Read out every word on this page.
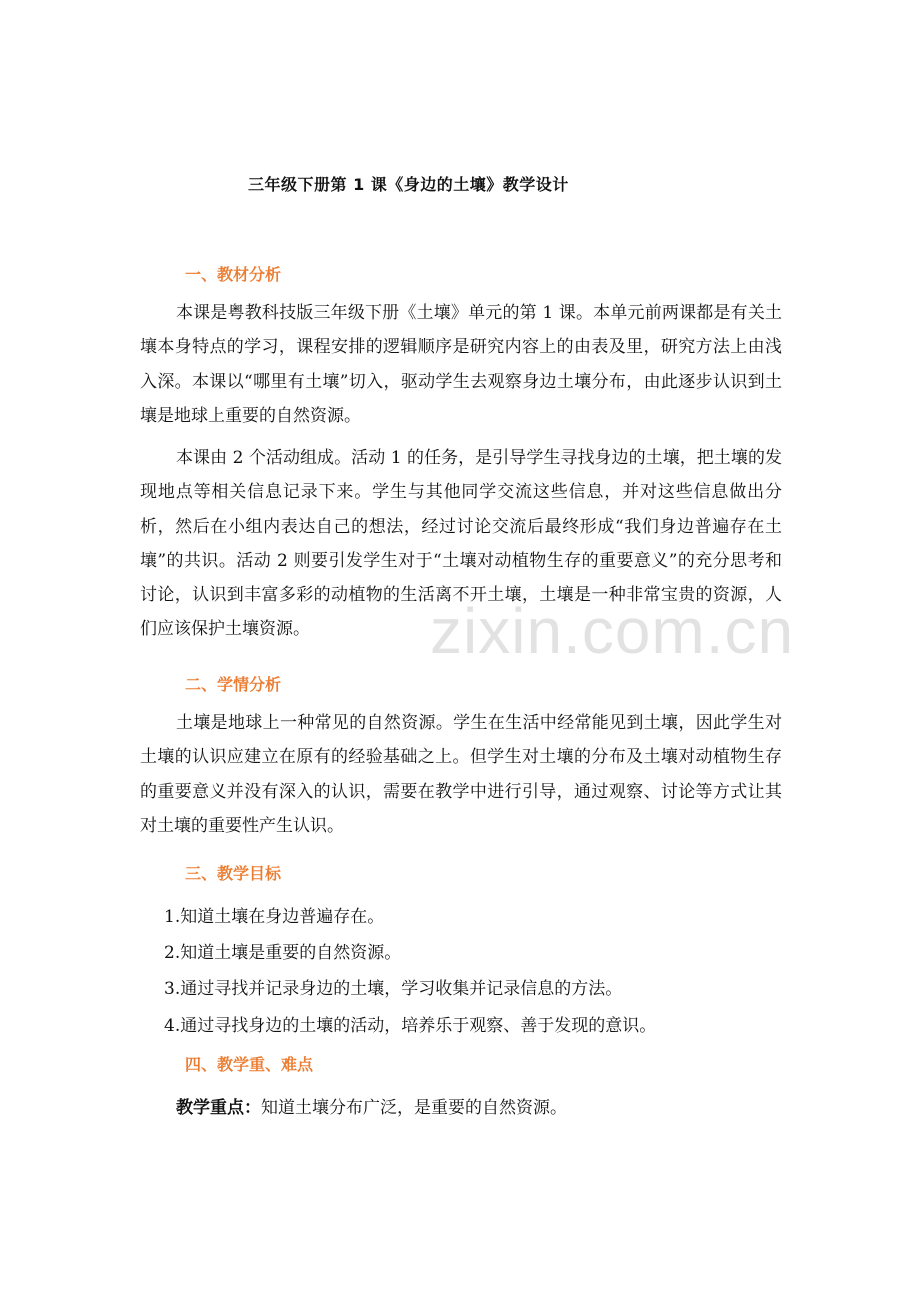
三年级下册第 1 课《身边的土壤》教学设计
一、教材分析

本课是粤教科技版三年级下册《土壤》单元的第 1 课。本单元前两课都是有关土壤本身特点的学习，课程安排的逻辑顺序是研究内容上的由表及里，研究方法上由浅入深。本课以“哪里有土壤”切入，驱动学生去观察身边土壤分布，由此逐步认识到土壤是地球上重要的自然资源。

本课由 2 个活动组成。活动 1 的任务，是引导学生寻找身边的土壤，把土壤的发现地点等相关信息记录下来。学生与其他同学交流这些信息，并对这些信息做出分析，然后在小组内表达自己的想法，经过讨论交流后最终形成“我们身边普遍存在土壤”的共识。活动 2 则要引发学生对于“土壤对动植物生存的重要意义”的充分思考和讨论，认识到丰富多彩的动植物的生活离不开土壤，土壤是一种非常宝贵的资源，人们应该保护土壤资源。

二、学情分析

土壤是地球上一种常见的自然资源。学生在生活中经常能见到土壤，因此学生对土壤的认识应建立在原有的经验基础之上。但学生对土壤的分布及土壤对动植物生存的重要意义并没有深入的认识，需要在教学中进行引导，通过观察、讨论等方式让其对土壤的重要性产生认识。

三、教学目标
1.知道土壤在身边普遍存在。
2.知道土壤是重要的自然资源。
3.通过寻找并记录身边的土壤，学习收集并记录信息的方法。
4.通过寻找身边的土壤的活动，培养乐于观察、善于发现的意识。
四、教学重、难点
教学重点：知道土壤分布广泛，是重要的自然资源。
zixin.com.cn
